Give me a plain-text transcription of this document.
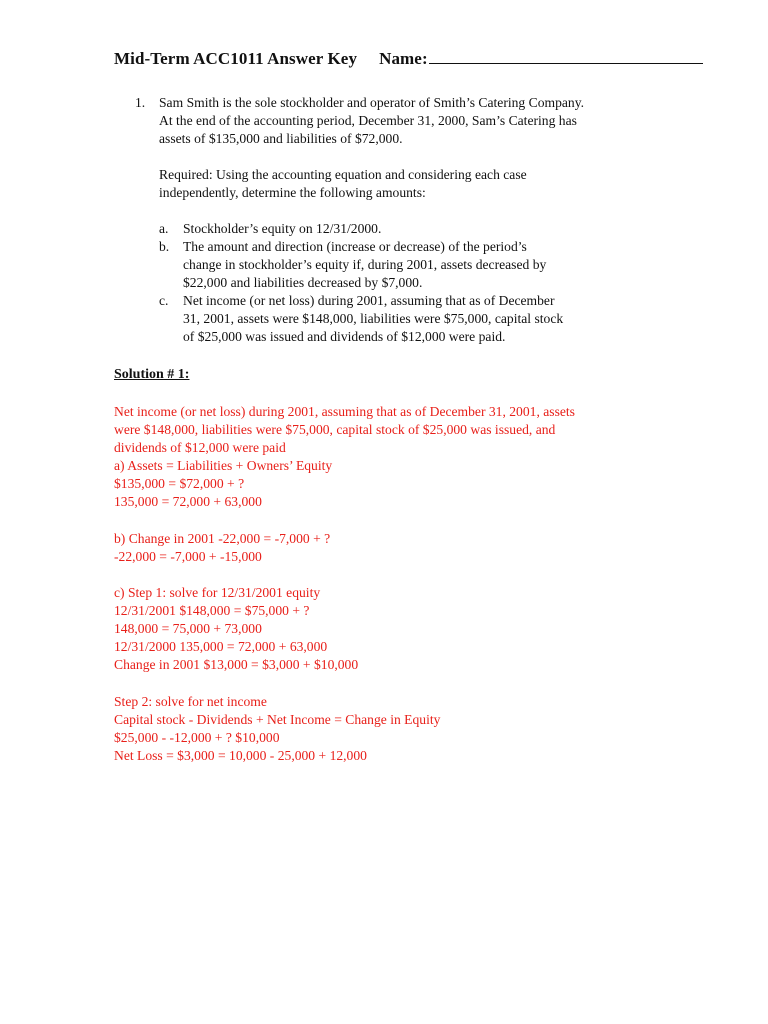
Mid-Term ACC1011 Answer Key Name:
1. Sam Smith is the sole stockholder and operator of Smith’s Catering Company.
At the end of the accounting period, December 31, 2000, Sam’s Catering has
assets of $135,000 and liabilities of $72,000.
Required: Using the accounting equation and considering each case
independently, determine the following amounts:
a. Stockholder’s equity on 12/31/2000.
b. The amount and direction (increase or decrease) of the period’s
change in stockholder’s equity if, during 2001, assets decreased by
$22,000 and liabilities decreased by $7,000.
c. Net income (or net loss) during 2001, assuming that as of December
31, 2001, assets were $148,000, liabilities were $75,000, capital stock
of $25,000 was issued and dividends of $12,000 were paid.
Solution # 1:
Net income (or net loss) during 2001, assuming that as of December 31, 2001, assets
were $148,000, liabilities were $75,000, capital stock of $25,000 was issued, and
dividends of $12,000 were paid
a) Assets = Liabilities + Owners’ Equity
$135,000 = $72,000 + ?
135,000 = 72,000 + 63,000
b) Change in 2001 -22,000 = -7,000 + ?
-22,000 = -7,000 + -15,000
c) Step 1: solve for 12/31/2001 equity
12/31/2001 $148,000 = $75,000 + ?
148,000 = 75,000 + 73,000
12/31/2000 135,000 = 72,000 + 63,000
Change in 2001 $13,000 = $3,000 + $10,000
Step 2: solve for net income
Capital stock - Dividends + Net Income = Change in Equity
$25,000 - -12,000 + ? $10,000
Net Loss = $3,000 = 10,000 - 25,000 + 12,000
